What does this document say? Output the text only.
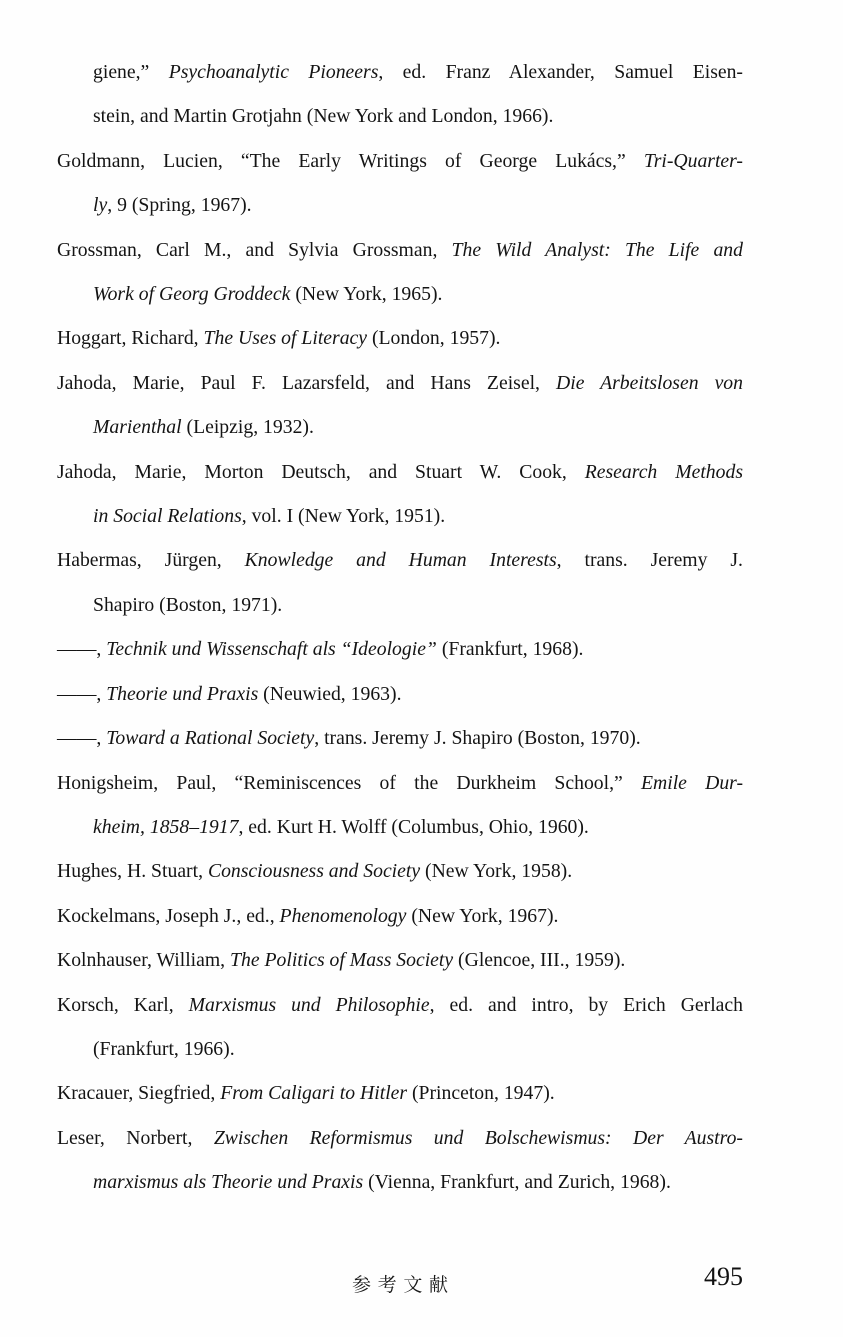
giene,” Psychoanalytic Pioneers, ed. Franz Alexander, Samuel Eisen-
stein, and Martin Grotjahn (New York and London, 1966).
Goldmann, Lucien, “The Early Writings of George Lukács,” Tri-Quarter-
ly, 9 (Spring, 1967).
Grossman, Carl M., and Sylvia Grossman, The Wild Analyst: The Life and
Work of Georg Groddeck (New York, 1965).
Hoggart, Richard, The Uses of Literacy (London, 1957).
Jahoda, Marie, Paul F. Lazarsfeld, and Hans Zeisel, Die Arbeitslosen von
Marienthal (Leipzig, 1932).
Jahoda, Marie, Morton Deutsch, and Stuart W. Cook, Research Methods
in Social Relations, vol. I (New York, 1951).
Habermas, Jürgen, Knowledge and Human Interests, trans. Jeremy J.
Shapiro (Boston, 1971).
——, Technik und Wissenschaft als “Ideologie” (Frankfurt, 1968).
——, Theorie und Praxis (Neuwied, 1963).
——, Toward a Rational Society, trans. Jeremy J. Shapiro (Boston, 1970).
Honigsheim, Paul, “Reminiscences of the Durkheim School,” Emile Dur-
kheim, 1858–1917, ed. Kurt H. Wolff (Columbus, Ohio, 1960).
Hughes, H. Stuart, Consciousness and Society (New York, 1958).
Kockelmans, Joseph J., ed., Phenomenology (New York, 1967).
Kolnhauser, William, The Politics of Mass Society (Glencoe, III., 1959).
Korsch, Karl, Marxismus und Philosophie, ed. and intro, by Erich Gerlach
(Frankfurt, 1966).
Kracauer, Siegfried, From Caligari to Hitler (Princeton, 1947).
Leser, Norbert, Zwischen Reformismus und Bolschewismus: Der Austro-
marxismus als Theorie und Praxis (Vienna, Frankfurt, and Zurich, 1968).
参考文献	495
